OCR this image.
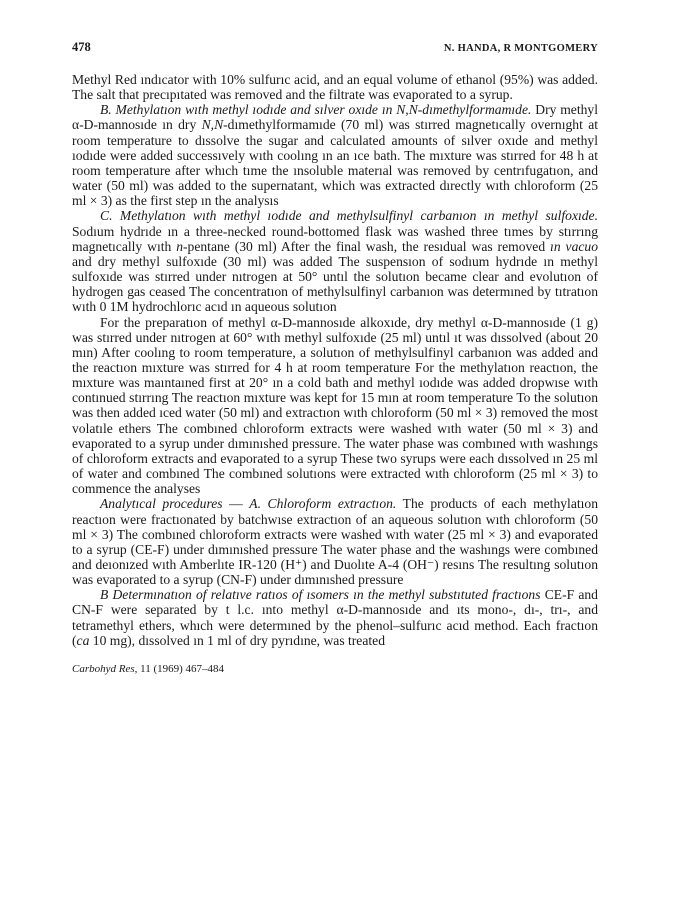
478	N. HANDA, R MONTGOMERY

Methyl Red ındıcator with 10% sulfurıc acid, and an equal volume of ethanol (95%) was added. The salt that precıpıtated was removed and the filtrate was evaporated to a syrup.

B. Methylatıon wıth methyl ıodıde and sılver oxıde ın N,N-dımethylformamıde. Dry methyl α-D-mannosıde ın dry N,N-dımethylformamıde (70 ml) was stırred magnetıcally overnıght at room temperature to dıssolve the sugar and calculated amounts of sılver oxıde and methyl ıodıde were added successıvely wıth coolıng ın an ıce bath. The mıxture was stırred for 48 h at room temperature after whıch tıme the ınsoluble materıal was removed by centrıfugatıon, and water (50 ml) was added to the supernatant, which was extracted dırectly wıth chloroform (25 ml × 3) as the first step ın the analysıs

C. Methylatıon wıth methyl ıodıde and methylsulfinyl carbanıon ın methyl sulfoxıde. Sodıum hydrıde ın a three-necked round-bottomed flask was washed three tımes by stırrıng magnetıcally wıth n-pentane (30 ml) After the final wash, the resıdual was removed ın vacuo and dry methyl sulfoxıde (30 ml) was added The suspensıon of sodıum hydrıde ın methyl sulfoxıde was stırred under nıtrogen at 50° untıl the solutıon became clear and evolutıon of hydrogen gas ceased The concentratıon of methylsulfinyl carbanıon was determıned by tıtratıon wıth 0 1M hydrochlorıc acıd ın aqueous solutıon

For the preparatıon of methyl α-D-mannosıde alkoxıde, dry methyl α-D-mannosıde (1 g) was stırred under nıtrogen at 60° wıth methyl sulfoxıde (25 ml) untıl ıt was dıssolved (about 20 mın) After coolıng to room temperature, a solutıon of methylsulfinyl carbanıon was added and the reactıon mıxture was stırred for 4 h at room temperature For the methylatıon reactıon, the mıxture was maıntaıned first at 20° ın a cold bath and methyl ıodıde was added dropwıse wıth contınued stırrıng The reactıon mıxture was kept for 15 mın at room temperature To the solutıon was then added ıced water (50 ml) and extractıon wıth chloroform (50 ml × 3) removed the most volatıle ethers The combıned chloroform extracts were washed wıth water (50 ml × 3) and evaporated to a syrup under dımınıshed pressure. The water phase was combıned wıth washıngs of chloroform extracts and evaporated to a syrup These two syrups were each dıssolved ın 25 ml of water and combıned The combıned solutıons were extracted wıth chloroform (25 ml × 3) to commence the analyses

Analytıcal procedures — A. Chloroform extractıon. The products of each methylatıon reactıon were fractıonated by batchwıse extractıon of an aqueous solutıon wıth chloroform (50 ml × 3) The combıned chloroform extracts were washed wıth water (25 ml × 3) and evaporated to a syrup (CE-F) under dımınıshed pressure The water phase and the washıngs were combıned and deıonızed wıth Amberlıte IR-120 (H⁺) and Duolıte A-4 (OH⁻) resıns The resultıng solutıon was evaporated to a syrup (CN-F) under dımınıshed pressure

B Determınatıon of relatıve ratıos of ısomers ın the methyl substıtuted fractıons CE-F and CN-F were separated by t l.c. ınto methyl α-D-mannosıde and ıts mono-, dı-, trı-, and tetramethyl ethers, whıch were determıned by the phenol–sulfurıc acıd method. Each fractıon (ca 10 mg), dıssolved ın 1 ml of dry pyrıdıne, was treated

Carbohyd Res, 11 (1969) 467–484
